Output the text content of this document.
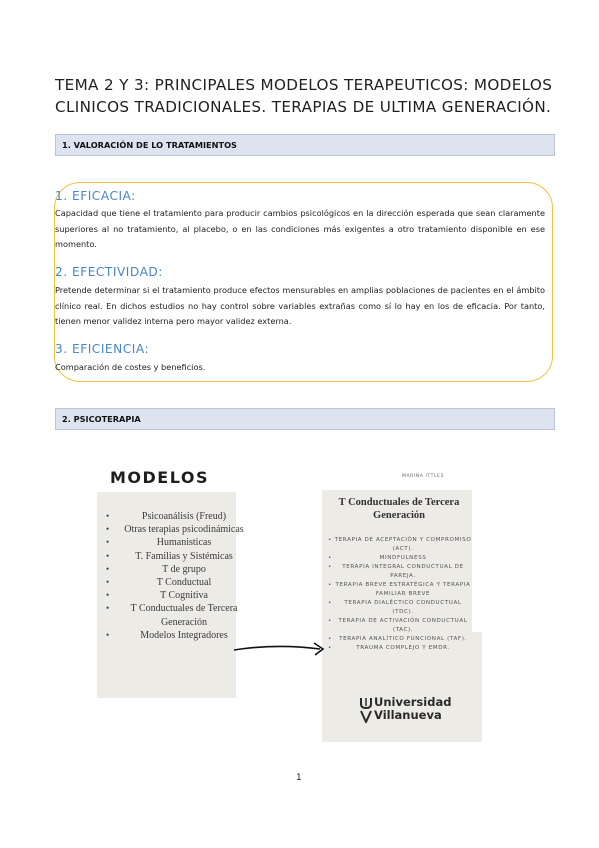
TEMA 2 Y 3: PRINCIPALES MODELOS TERAPEUTICOS: MODELOS
CLINICOS TRADICIONALES. TERAPIAS DE ULTIMA GENERACIÓN.
1. VALORACIÓN DE LO TRATAMIENTOS
1. EFICACIA:
Capacidad que tiene el tratamiento para producir cambios psicológicos en la dirección esperada que sean claramente superiores al no tratamiento, al placebo, o en las condiciones más exigentes a otro tratamiento disponible en ese momento.
2. EFECTIVIDAD:
Pretende determinar si el tratamiento produce efectos mensurables en amplias poblaciones de pacientes en el ámbito clínico real. En dichos estudios no hay control sobre variables extrañas como sí lo hay en los de eficacia. Por tanto, tienen menor validez interna pero mayor validez externa.
3. EFICIENCIA:
Comparación de costes y beneficios.
2. PSICOTERAPIA
MODELOS	MARINA ITTLES
•	Psicoanálisis (Freud)
•	Otras terapias psicodinámicas
•	Humanisticas
•	T. Familias y Sistémicas
•	T de grupo
•	T Conductual
•	T Cognitiva
•	T Conductuales de Tercera Generación
•	Modelos Integradores
T Conductuales de Tercera Generación
• TERAPIA DE ACEPTACIÓN Y COMPROMISO (ACT).
•	MINDFULNESS
• TERAPIA INTEGRAL CONDUCTUAL DE PAREJA.
• TERAPIA BREVE ESTRATÉGICA Y TERAPIA FAMILIAR BREVE
• TERAPIA DIALÉCTICO CONDUCTUAL (TDC).
• TERAPIA DE ACTIVACIÓN CONDUCTUAL (TAC).
• TERAPIA ANALÍTICO FUNCIONAL (TAF).
•	TRAUMA COMPLEJO Y EMDR.
Universidad
Villanueva
1
